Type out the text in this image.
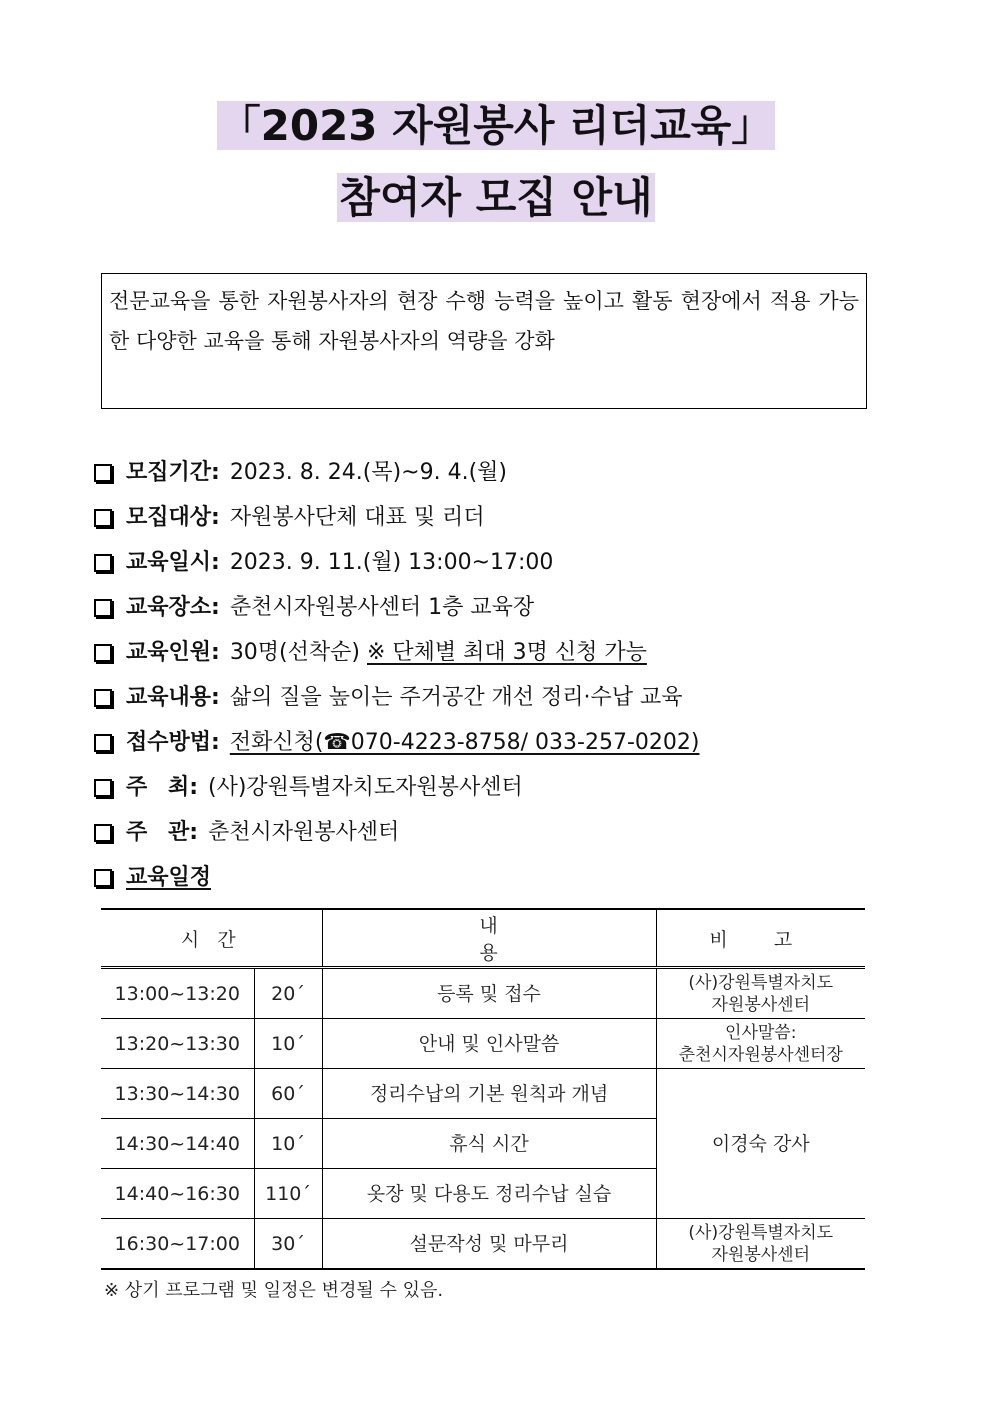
「2023 자원봉사 리더교육」
참여자 모집 안내
전문교육을 통한 자원봉사자의 현장 수행 능력을 높이고 활동 현장에서 적용 가능한 다양한 교육을 통해 자원봉사자의 역량을 강화
모집기간: 2023. 8. 24.(목)~9. 4.(월)
모집대상: 자원봉사단체 대표 및 리더
교육일시: 2023. 9. 11.(월) 13:00~17:00
교육장소: 춘천시자원봉사센터 1층 교육장
교육인원: 30명(선착순)
※ 단체별 최대 3명 신청 가능
교육내용: 삶의 질을 높이는 주거공간 개선 정리·수납 교육
접수방법: 전화신청(☎070-4223-8758/ 033-257-0202)
주 최: (사)강원특별자치도자원봉사센터
주 관: 춘천시자원봉사센터
교육일정
시 간		내 용	비 고
13:00~13:20	20´	등록 및 접수	(사)강원특별자치도
자원봉사센터

13:20~13:30	10´	안내 및 인사말씀	인사말씀:
춘천시자원봉사센터장

13:30~14:30	60´	정리수납의 기본 원칙과 개념	이경숙 강사
14:30~14:40	10´	휴식 시간	
14:40~16:30	110´	옷장 및 다용도 정리수납 실습	
16:30~17:00	30´	설문작성 및 마무리	(사)강원특별자치도
자원봉사센터
※ 상기 프로그램 및 일정은 변경될 수 있음.
